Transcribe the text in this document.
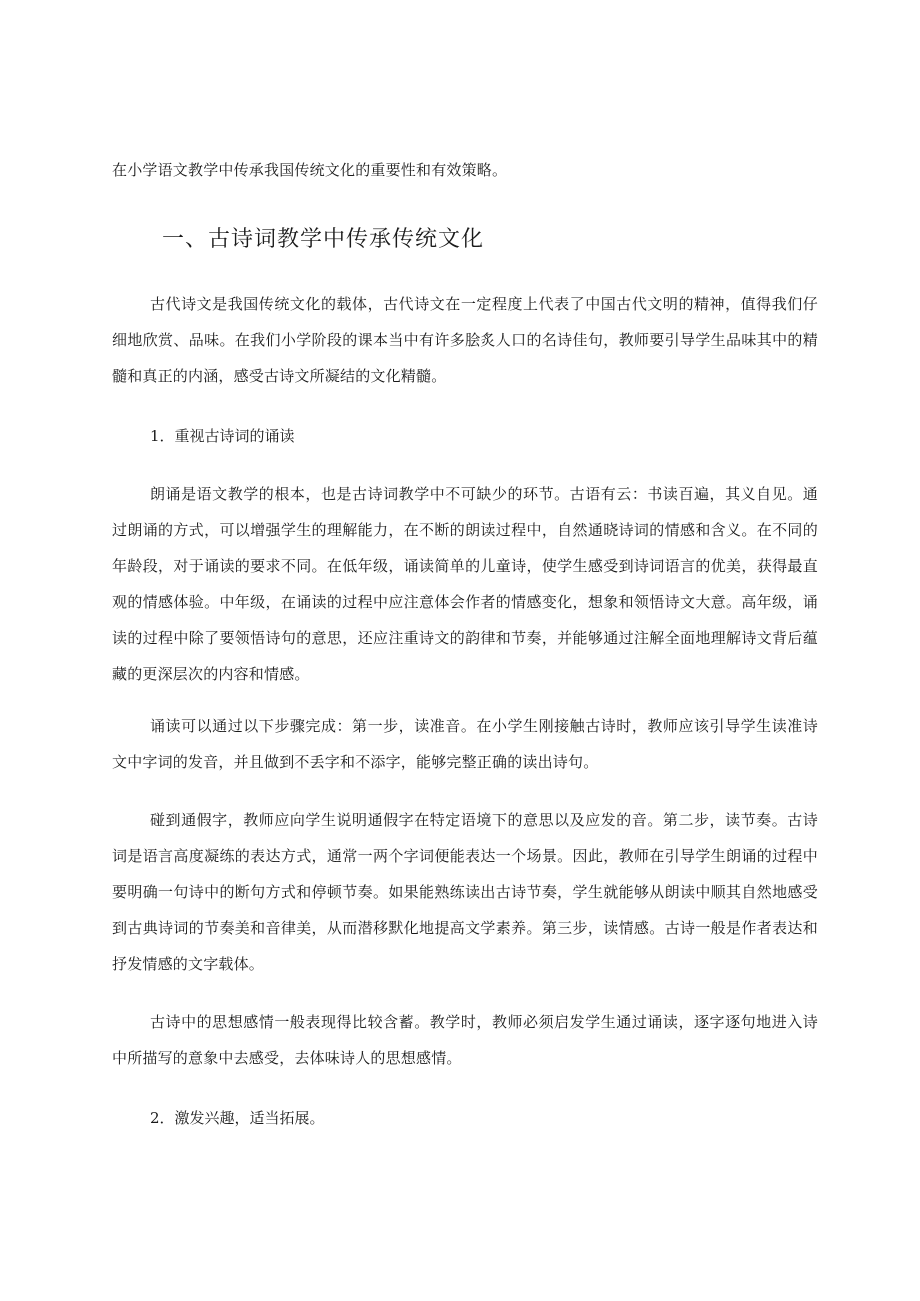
在小学语文教学中传承我国传统文化的重要性和有效策略。

一、古诗词教学中传承传统文化

古代诗文是我国传统文化的载体，古代诗文在一定程度上代表了中国古代文明的精神，值得我们仔细地欣赏、品味。在我们小学阶段的课本当中有许多脍炙人口的名诗佳句，教师要引导学生品味其中的精髓和真正的内涵，感受古诗文所凝结的文化精髓。

1．重视古诗词的诵读

朗诵是语文教学的根本，也是古诗词教学中不可缺少的环节。古语有云：书读百遍，其义自见。通过朗诵的方式，可以增强学生的理解能力，在不断的朗读过程中，自然通晓诗词的情感和含义。在不同的年龄段，对于诵读的要求不同。在低年级，诵读简单的儿童诗，使学生感受到诗词语言的优美，获得最直观的情感体验。中年级，在诵读的过程中应注意体会作者的情感变化，想象和领悟诗文大意。高年级，诵读的过程中除了要领悟诗句的意思，还应注重诗文的韵律和节奏，并能够通过注解全面地理解诗文背后蕴藏的更深层次的内容和情感。

诵读可以通过以下步骤完成：第一步，读准音。在小学生刚接触古诗时，教师应该引导学生读准诗文中字词的发音，并且做到不丢字和不添字，能够完整正确的读出诗句。

碰到通假字，教师应向学生说明通假字在特定语境下的意思以及应发的音。第二步，读节奏。古诗词是语言高度凝练的表达方式，通常一两个字词便能表达一个场景。因此，教师在引导学生朗诵的过程中要明确一句诗中的断句方式和停顿节奏。如果能熟练读出古诗节奏，学生就能够从朗读中顺其自然地感受到古典诗词的节奏美和音律美，从而潜移默化地提高文学素养。第三步，读情感。古诗一般是作者表达和抒发情感的文字载体。

古诗中的思想感情一般表现得比较含蓄。教学时，教师必须启发学生通过诵读，逐字逐句地进入诗中所描写的意象中去感受，去体味诗人的思想感情。

2．激发兴趣，适当拓展。
